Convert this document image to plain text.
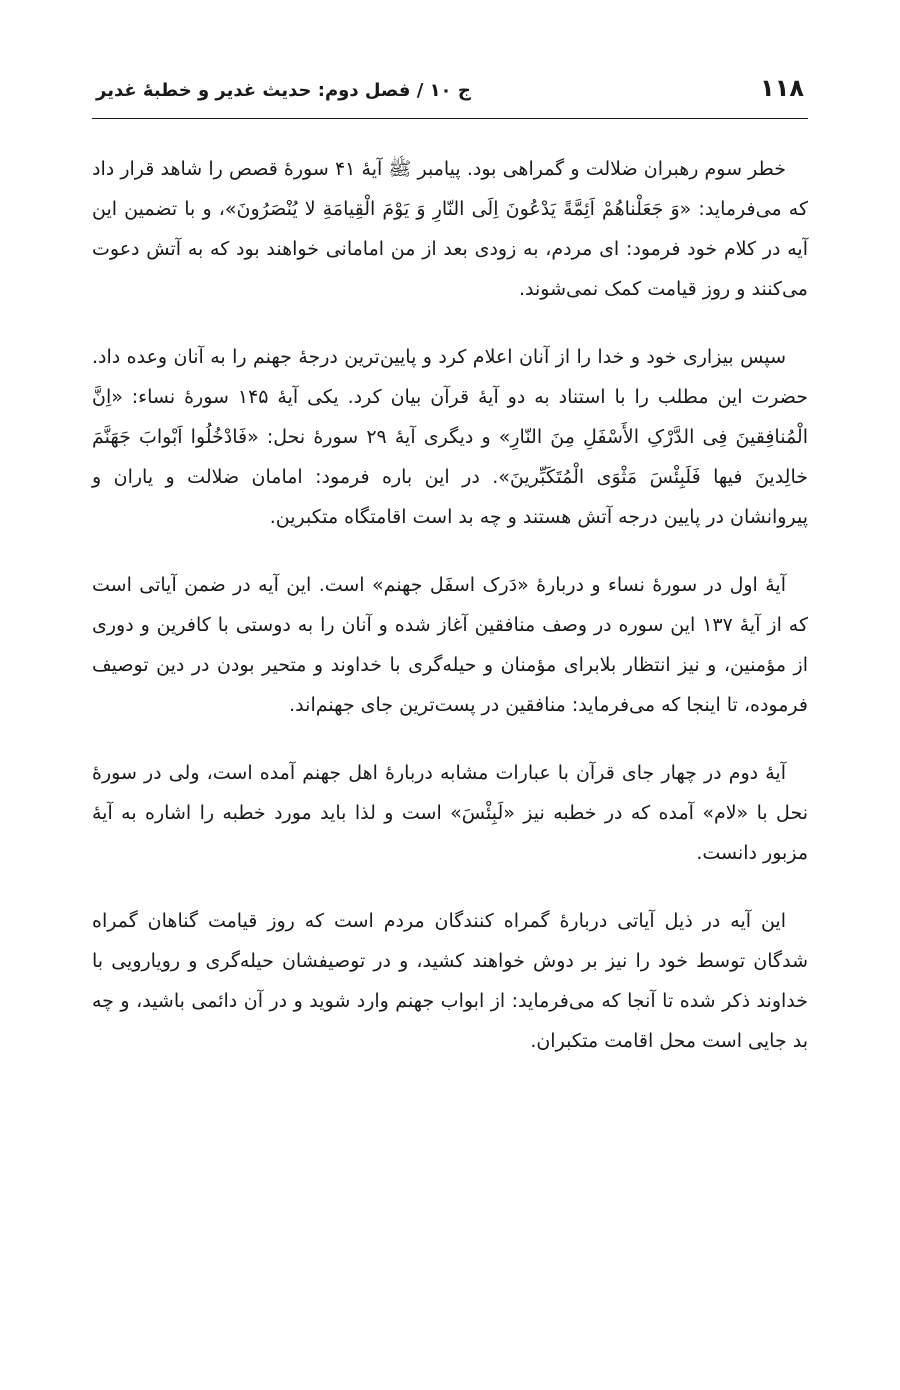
۱۱۸
ج ۱۰ / فصل دوم: حدیث غدیر و خطبهٔ غدیر

خطر سوم رهبران ضلالت و گمراهی بود. پیامبر ﷺ آیهٔ ۴۱ سورهٔ قصص را شاهد قرار داد که می‌فرماید: «وَ جَعَلْناهُمْ اَئِمَّةً یَدْعُونَ اِلَی النّارِ وَ یَوْمَ الْقِیامَةِ لا یُنْصَرُونَ»، و با تضمین این آیه در کلام خود فرمود: ای مردم، به زودی بعد از من امامانی خواهند بود که به آتش دعوت می‌کنند و روز قیامت کمک نمی‌شوند.

سپس بیزاری خود و خدا را از آنان اعلام کرد و پایین‌ترین درجهٔ جهنم را به آنان وعده داد. حضرت این مطلب را با استناد به دو آیهٔ قرآن بیان کرد. یکی آیهٔ ۱۴۵ سورهٔ نساء: «اِنَّ الْمُنافِقینَ فِی الدَّرْکِ الأَسْفَلِ مِنَ النّارِ» و دیگری آیهٔ ۲۹ سورهٔ نحل: «فَادْخُلُوا اَبْوابَ جَهَنَّمَ خالِدینَ فیها فَلَبِئْسَ مَثْوَی الْمُتَکَبِّرینَ». در این باره فرمود: امامان ضلالت و یاران و پیروانشان در پایین درجه آتش هستند و چه بد است اقامتگاه متکبرین.

آیهٔ اول در سورهٔ نساء و دربارهٔ «دَرک اسفَل جهنم» است. این آیه در ضمن آیاتی است که از آیهٔ ۱۳۷ این سوره در وصف منافقین آغاز شده و آنان را به دوستی با کافرین و دوری از مؤمنین، و نیز انتظار بلابرای مؤمنان و حیله‌گری با خداوند و متحیر بودن در دین توصیف فرموده، تا اینجا که می‌فرماید: منافقین در پست‌ترین جای جهنم‌اند.

آیهٔ دوم در چهار جای قرآن با عبارات مشابه دربارهٔ اهل جهنم آمده است، ولی در سورهٔ نحل با «لام» آمده که در خطبه نیز «لَبِئْسَ» است و لذا باید مورد خطبه را اشاره به آیهٔ مزبور دانست.

این آیه در ذیل آیاتی دربارهٔ گمراه کنندگان مردم است که روز قیامت گناهان گمراه شدگان توسط خود را نیز بر دوش خواهند کشید، و در توصیفشان حیله‌گری و رویارویی با خداوند ذکر شده تا آنجا که می‌فرماید: از ابواب جهنم وارد شوید و در آن دائمی باشید، و چه بد جایی است محل اقامت متکبران.
